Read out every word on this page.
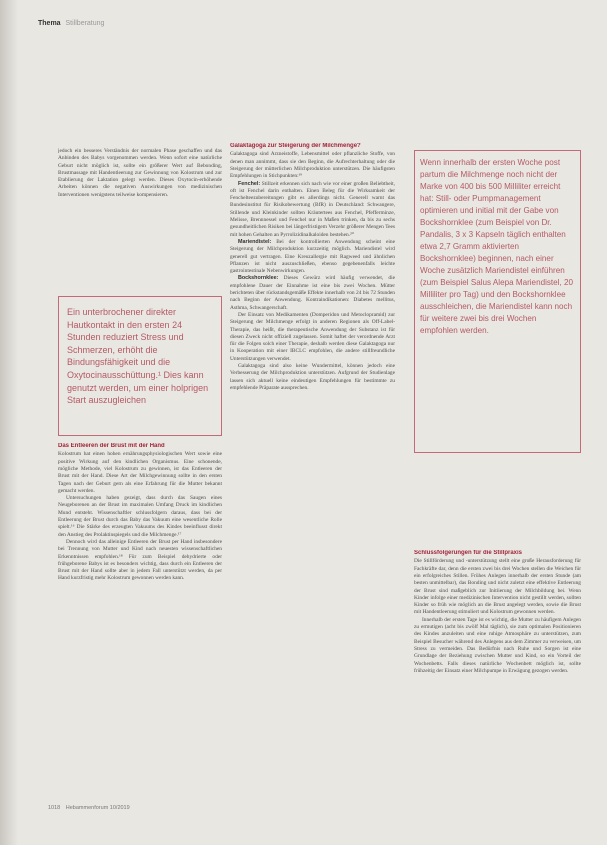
Thema Stillberatung

jedoch ein besseres Verständnis der normalen Phase geschaffen und das Anbinden des Babys vorgenommen werden. Wenn sofort eine natürliche Geburt nicht möglich ist, sollte ein größerer Wert auf Bebonding, Brustmassage mit Handentleerung zur Gewinnung von Kolostrum und zur Etablierung der Laktation gelegt werden. Dieses Oxytocin-erhöhende Arbeiten können die negativen Auswirkungen von medizinischen Interventionen wenigstens teilweise kompensieren.

Ein unterbrochener direkter Hautkontakt in den ersten 24 Stunden reduziert Stress und Schmerzen, erhöht die Bindungsfähigkeit und die Oxytocinausschüttung.¹ Dies kann genutzt werden, um einer holprigen Start auszugleichen
Das Entleeren der Brust mit der Hand

Kolostrum hat einen hohen ernährungsphysiologischen Wert sowie eine positive Wirkung auf den kindlichen Organismus. Eine schonende, mögliche Methode, viel Kolostrum zu gewinnen, ist das Entleeren der Brust mit der Hand. Diese Art der Milchgewinnung sollte in den ersten Tagen nach der Geburt gern als eine Erfahrung für die Mutter bekannt gemacht werden.

Untersuchungen haben gezeigt, dass durch das Saugen eines Neugeborenen an der Brust im maximalen Umfang Druck im kindlichen Mund entsteht. Wissenschaftler schlussfolgern daraus, dass bei der Entleerung der Brust durch das Baby das Vakuum eine wesentliche Rolle spielt.¹⁶ Die Stärke des erzeugten Vakuums des Kindes beeinflusst direkt den Anstieg des Prolaktinspiegels und die Milchmenge.¹⁷

Dennoch wird das alleinige Entleeren der Brust per Hand insbesondere bei Trennung von Mutter und Kind nach neuesten wissenschaftlichen Erkenntnissen empfohlen.¹⁸ Für zum Beispiel dehydrierte oder frühgeborene Babys ist es besonders wichtig, dass durch ein Entleeren der Brust mit der Hand sollte aber in jedem Fall unterstützt werden, da per Hand kurzfristig mehr Kolostrum gewonnen werden kann.

Galaktagoga zur Steigerung der Milchmenge?

Galaktagoga sind Arzneistoffe, Lebensmittel oder pflanzliche Stoffe, von denen man annimmt, dass sie den Beginn, die Aufrechterhaltung oder die Steigerung der mütterlichen Milchproduktion unterstützen. Die häufigsten Empfehlungen in Stichpunkten:¹⁹

Fenchel: Stillzeit erkennen sich nach wie vor einer großen Beliebtheit, oft ist Fenchel darin enthalten. Einen Beleg für die Wirksamkeit der Fenchelteezubereitungen gibt es allerdings nicht. Generell warnt das Bundesinstitut für Risikobewertung (BfR) in Deutschland: Schwangere, Stillende und Kleinkinder sollten Kräutertees aus Fenchel, Pfefferminze, Melisse, Brennnessel und Fenchel nur in Maßen trinken, da bis zu sechs gesundheitlichen Risiken bei längerfristigem Verzehr größerer Mengen Tees mit hohen Gehalten an Pyrrolizidinalkaloiden bestehen.²⁰

Mariendistel: Bei der kontrollierten Anwendung scheint eine Steigerung der Milchproduktion kurzzeitig möglich. Mariendistel wird generell gut vertragen. Eine Kreuzallergie mit Ragweed und ähnlichen Pflanzen ist nicht auszuschließen, ebenso gegebenenfalls leichte gastrointestinale Nebenwirkungen.

Bockshornklee: Dieses Gewürz wird häufig verwendet, die empfohlene Dauer der Einnahme ist eine bis zwei Wochen. Mütter berichteten über rückstandsgemäße Effekte innerhalb von 24 bis 72 Stunden nach Beginn der Anwendung. Kontraindikationen: Diabetes mellitus, Asthma, Schwangerschaft.

Der Einsatz von Medikamenten (Domperidon und Metoclopramid) zur Steigerung der Milchmenge erfolgt in anderen Regionen als Off-Label-Therapie, das heißt, die therapeutische Anwendung der Substanz ist für diesen Zweck nicht offiziell zugelassen. Somit haftet der verordnende Arzt für die Folgen solch einer Therapie, deshalb werden diese Galaktagoga nur in Kooperation mit einer IBCLC empfohlen, die andere stillfreundliche Unterstützungen verwendet.

Galaktagoga sind also keine Wundermittel, können jedoch eine Verbesserung der Milchproduktion unterstützen. Aufgrund der Studienlage lassen sich aktuell keine eindeutigen Empfehlungen für bestimmte zu empfehlende Präparate aussprechen.

Wenn innerhalb der ersten Woche post partum die Milchmenge noch nicht der Marke von 400 bis 500 Milliliter erreicht hat: Still- oder Pumpmanagement optimieren und initial mit der Gabe von Bockshornklee (zum Beispiel von Dr. Pandalis, 3 x 3 Kapseln täglich enthalten etwa 2,7 Gramm aktivierten Bockshornklee) beginnen, nach einer Woche zusätzlich Mariendistel einführen (zum Beispiel Salus Alepa Mariendistel, 20 Milliliter pro Tag) und den Bockshornklee ausschleichen, die Mariendistel kann noch für weitere zwei bis drei Wochen empfohlen werden.
Schlussfolgerungen für die Stillpraxis

Die Stillförderung und -unterstützung stellt eine große Herausforderung für Fachkräfte dar, denn die ersten zwei bis drei Wochen stellen die Weichen für ein erfolgreiches Stillen. Frühes Anlegen innerhalb der ersten Stunde (am besten unmittelbar), das Bonding und nicht zuletzt eine effektive Entleerung der Brust sind maßgeblich zur Initiierung der Milchbildung bei. Wenn Kinder infolge einer medizinischen Intervention nicht gestillt werden, sollten Kinder so früh wie möglich an die Brust angelegt werden, sowie die Brust mit Handentleerung stimuliert und Kolostrum gewonnen werden.

Innerhalb der ersten Tage ist es wichtig, die Mutter zu häufigem Anlegen zu ermutigen (acht bis zwölf Mal täglich), sie zum optimalen Positionieren des Kindes anzuleiten und eine ruhige Atmosphäre zu unterstützen, zum Beispiel Besucher während des Anlegens aus dem Zimmer zu verweisen, um Stress zu vermeiden. Das Bedürfnis nach Ruhe und Sorgen ist eine Grundlage der Beziehung zwischen Mutter und Kind, so ein Vorteil der Wochenbetts. Falls dieses natürliche Wochenbett möglich ist, sollte frühzeitig der Einsatz einer Milchpumpe in Erwägung gezogen werden.

1018 Hebammenforum 10/2019
